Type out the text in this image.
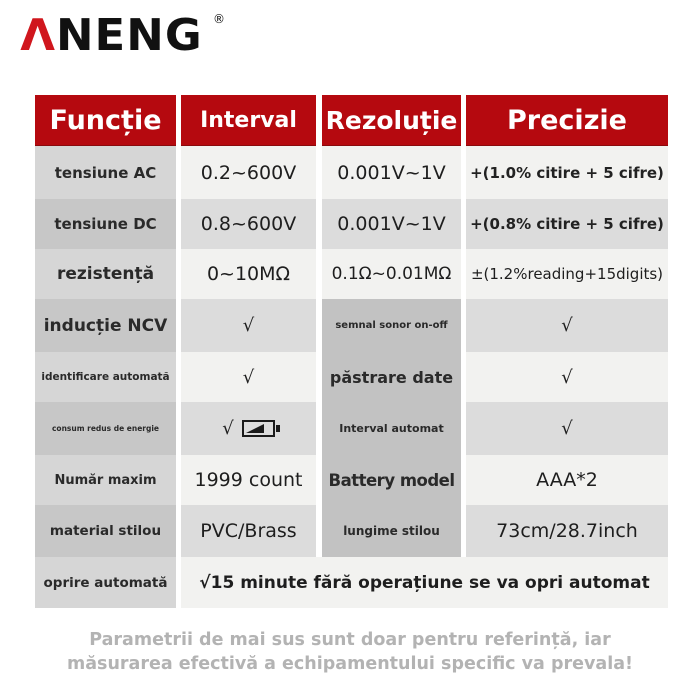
ΛNENG ®
Funcție	Interval	Rezoluție	Precizie
tensiune AC	0.2~600V	0.001V~1V	+(1.0% citire + 5 cifre)
tensiune DC	0.8~600V	0.001V~1V	+(0.8% citire + 5 cifre)
rezistență	0~10MΩ	0.1Ω~0.01MΩ	±(1.2%reading+15digits)
inducție NCV	√	semnal sonor on-off	√
identificare automată	√	păstrare date	√
consum redus de energie	√	Interval automat	√
Număr maxim	1999 count	Battery model	AAA*2
material stilou	PVC/Brass	lungime stilou	73cm/28.7inch
oprire automată	√15 minute fără operațiune se va opri automat
Parametrii de mai sus sunt doar pentru referință, iar
măsurarea efectivă a echipamentului specific va prevala!
